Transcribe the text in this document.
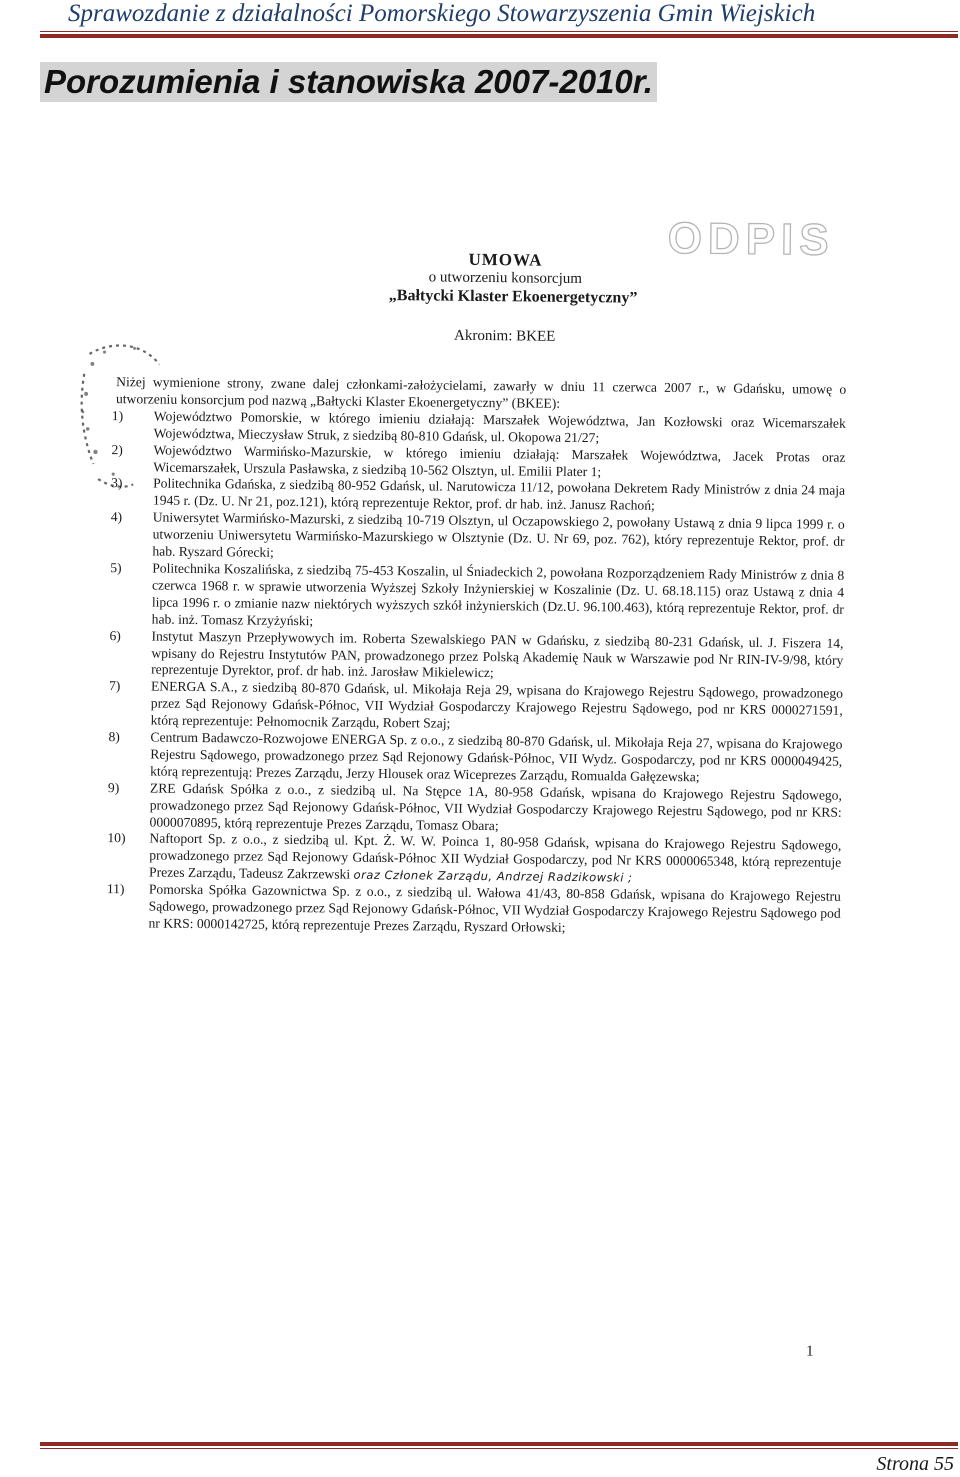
Sprawozdanie z działalności Pomorskiego Stowarzyszenia Gmin Wiejskich
Porozumienia i stanowiska 2007-2010r.
ODPIS
UMOWA
o utworzeniu konsorcjum
„Bałtycki Klaster Ekoenergetyczny”
Akronim: BKEE

Niżej wymienione strony, zwane dalej członkami-założycielami, zawarły w dniu 11 czerwca 2007 r., w Gdańsku, umowę o utworzeniu konsorcjum pod nazwą „Bałtycki Klaster Ekoenergetyczny” (BKEE):

1) Województwo Pomorskie, w którego imieniu działają: Marszałek Województwa, Jan Kozłowski oraz Wicemarszałek Województwa, Mieczysław Struk, z siedzibą 80-810 Gdańsk, ul. Okopowa 21/27;

2) Województwo Warmińsko-Mazurskie, w którego imieniu działają: Marszałek Województwa, Jacek Protas oraz Wicemarszałek, Urszula Pasławska, z siedzibą 10-562 Olsztyn, ul. Emilii Plater 1;

3) Politechnika Gdańska, z siedzibą 80-952 Gdańsk, ul. Narutowicza 11/12, powołana Dekretem Rady Ministrów z dnia 24 maja 1945 r. (Dz. U. Nr 21, poz.121), którą reprezentuje Rektor, prof. dr hab. inż. Janusz Rachoń;

4) Uniwersytet Warmińsko-Mazurski, z siedzibą 10-719 Olsztyn, ul Oczapowskiego 2, powołany Ustawą z dnia 9 lipca 1999 r. o utworzeniu Uniwersytetu Warmińsko-Mazurskiego w Olsztynie (Dz. U. Nr 69, poz. 762), który reprezentuje Rektor, prof. dr hab. Ryszard Górecki;

5) Politechnika Koszalińska, z siedzibą 75-453 Koszalin, ul Śniadeckich 2, powołana Rozporządzeniem Rady Ministrów z dnia 8 czerwca 1968 r. w sprawie utworzenia Wyższej Szkoły Inżynierskiej w Koszalinie (Dz. U. 68.18.115) oraz Ustawą z dnia 4 lipca 1996 r. o zmianie nazw niektórych wyższych szkół inżynierskich (Dz.U. 96.100.463), którą reprezentuje Rektor, prof. dr hab. inż. Tomasz Krzyżyński;

6) Instytut Maszyn Przepływowych im. Roberta Szewalskiego PAN w Gdańsku, z siedzibą 80-231 Gdańsk, ul. J. Fiszera 14, wpisany do Rejestru Instytutów PAN, prowadzonego przez Polską Akademię Nauk w Warszawie pod Nr RIN-IV-9/98, który reprezentuje Dyrektor, prof. dr hab. inż. Jarosław Mikielewicz;

7) ENERGA S.A., z siedzibą 80-870 Gdańsk, ul. Mikołaja Reja 29, wpisana do Krajowego Rejestru Sądowego, prowadzonego przez Sąd Rejonowy Gdańsk-Północ, VII Wydział Gospodarczy Krajowego Rejestru Sądowego, pod nr KRS 0000271591, którą reprezentuje: Pełnomocnik Zarządu, Robert Szaj;

8) Centrum Badawczo-Rozwojowe ENERGA Sp. z o.o., z siedzibą 80-870 Gdańsk, ul. Mikołaja Reja 27, wpisana do Krajowego Rejestru Sądowego, prowadzonego przez Sąd Rejonowy Gdańsk-Północ, VII Wydz. Gospodarczy, pod nr KRS 0000049425, którą reprezentują: Prezes Zarządu, Jerzy Hlousek oraz Wiceprezes Zarządu, Romualda Gałęzewska;

9) ZRE Gdańsk Spółka z o.o., z siedzibą ul. Na Stępce 1A, 80-958 Gdańsk, wpisana do Krajowego Rejestru Sądowego, prowadzonego przez Sąd Rejonowy Gdańsk-Północ, VII Wydział Gospodarczy Krajowego Rejestru Sądowego, pod nr KRS: 0000070895, którą reprezentuje Prezes Zarządu, Tomasz Obara;

10) Naftoport Sp. z o.o., z siedzibą ul. Kpt. Ż. W. W. Poinca 1, 80-958 Gdańsk, wpisana do Krajowego Rejestru Sądowego, prowadzonego przez Sąd Rejonowy Gdańsk-Północ XII Wydział Gospodarczy, pod Nr KRS 0000065348, którą reprezentuje Prezes Zarządu, Tadeusz Zakrzewski oraz Członek Zarządu, Andrzej Radzikowski ;

11) Pomorska Spółka Gazownictwa Sp. z o.o., z siedzibą ul. Wałowa 41/43, 80-858 Gdańsk, wpisana do Krajowego Rejestru Sądowego, prowadzonego przez Sąd Rejonowy Gdańsk-Północ, VII Wydział Gospodarczy Krajowego Rejestru Sądowego pod nr KRS: 0000142725, którą reprezentuje Prezes Zarządu, Ryszard Orłowski;

1
Strona 55
